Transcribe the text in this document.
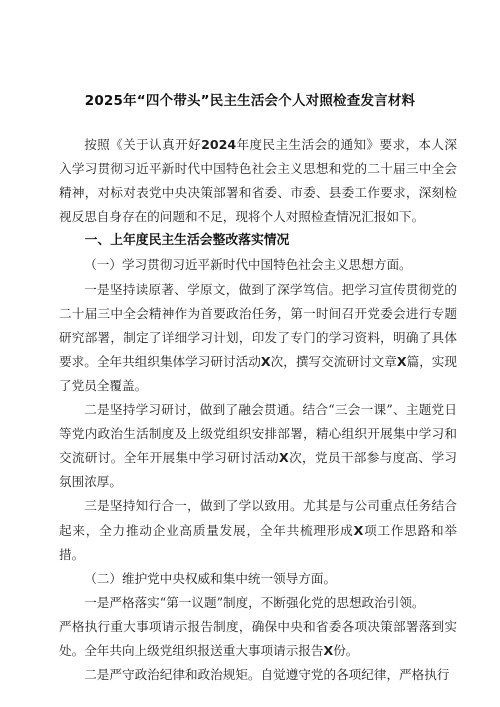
2025年“四个带头”民主生活会个人对照检查发言材料

按照《关于认真开好2024年度民主生活会的通知》要求，本人深入学习贯彻习近平新时代中国特色社会主义思想和党的二十届三中全会精神，对标对表党中央决策部署和省委、市委、县委工作要求，深刻检视反思自身存在的问题和不足，现将个人对照检查情况汇报如下。

一、上年度民主生活会整改落实情况

（一）学习贯彻习近平新时代中国特色社会主义思想方面。

一是坚持读原著、学原文，做到了深学笃信。把学习宣传贯彻党的二十届三中全会精神作为首要政治任务，第一时间召开党委会进行专题研究部署，制定了详细学习计划，印发了专门的学习资料，明确了具体要求。全年共组织集体学习研讨活动X次，撰写交流研讨文章X篇，实现了党员全覆盖。

二是坚持学习研讨，做到了融会贯通。结合“三会一课”、主题党日等党内政治生活制度及上级党组织安排部署，精心组织开展集中学习和交流研讨。全年开展集中学习研讨活动X次，党员干部参与度高、学习氛围浓厚。

三是坚持知行合一，做到了学以致用。尤其是与公司重点任务结合起来，全力推动企业高质量发展，全年共梳理形成X项工作思路和举措。

（二）维护党中央权威和集中统一领导方面。

一是严格落实“第一议题”制度，不断强化党的思想政治引领。

严格执行重大事项请示报告制度，确保中央和省委各项决策部署落到实处。全年共向上级党组织报送重大事项请示报告X份。

二是严守政治纪律和政治规矩。自觉遵守党的各项纪律，严格执行
